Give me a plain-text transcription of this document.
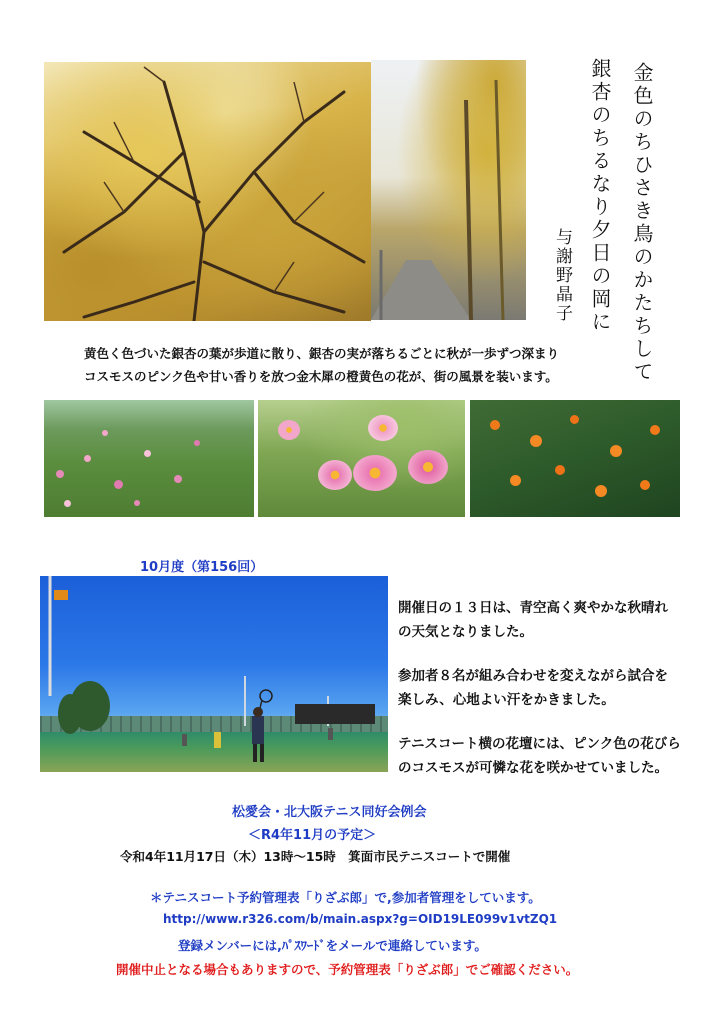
金色のちひさき鳥のかたちして
銀杏のちるなり夕日の岡に
与謝野晶子
黄色く色づいた銀杏の葉が歩道に散り、銀杏の実が落ちるごとに秋が一歩ずつ深まり
コスモスのピンク色や甘い香りを放つ金木犀の橙黄色の花が、街の風景を装います。
10月度（第156回）
開催日の１３日は、青空高く爽やかな秋晴れ
の天気となりました。
参加者８名が組み合わせを変えながら試合を
楽しみ、心地よい汗をかきました。
テニスコート横の花壇には、ピンク色の花びら
のコスモスが可憐な花を咲かせていました。
松愛会・北大阪テニス同好会例会
＜R4年11月の予定＞
令和4年11月17日（木）13時～15時　箕面市民テニスコートで開催
＊テニスコート予約管理表「りざぶ郎」で,参加者管理をしています。
http://www.r326.com/b/main.aspx?g=OID19LE099v1vtZQ1
登録メンバーには,ﾊﾟｽﾜｰﾄﾞをメールで連絡しています。
開催中止となる場合もありますので、予約管理表「りざぶ郎」でご確認ください。
